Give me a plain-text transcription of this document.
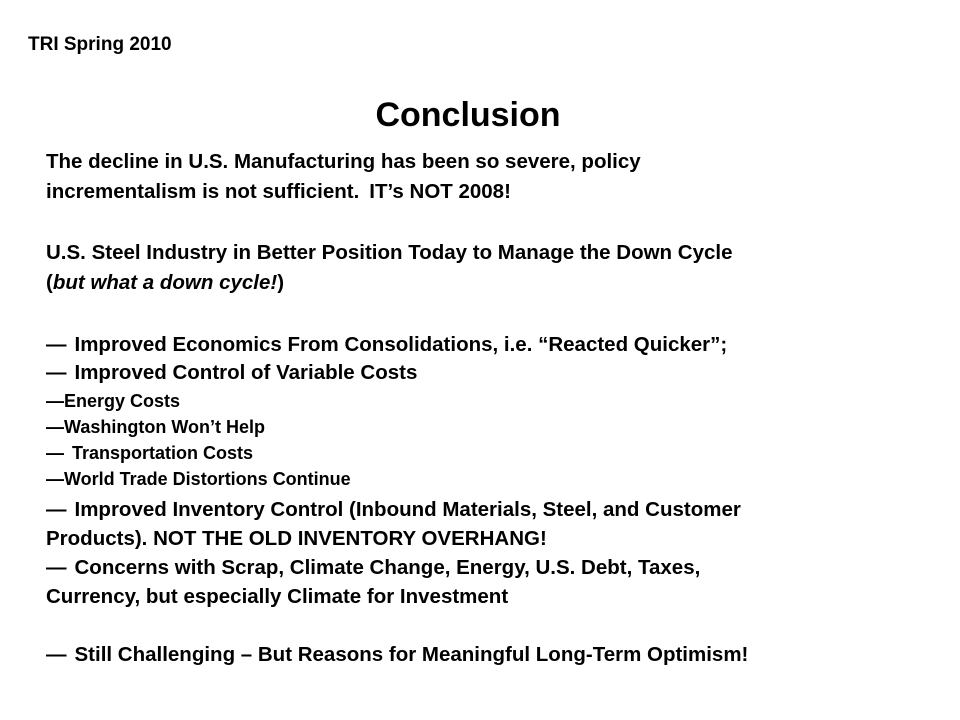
TRI Spring 2010
Conclusion
The decline in U.S. Manufacturing has been so severe, policy
incrementalism is not sufficient. IT’s NOT 2008!
U.S. Steel Industry in Better Position Today to Manage the Down Cycle
(but what a down cycle!)
— Improved Economics From Consolidations, i.e. “Reacted Quicker”;
— Improved Control of Variable Costs
—Energy Costs
—Washington Won’t Help
— Transportation Costs
—World Trade Distortions Continue
— Improved Inventory Control (Inbound Materials, Steel, and Customer
Products). NOT THE OLD INVENTORY OVERHANG!
— Concerns with Scrap, Climate Change, Energy, U.S. Debt, Taxes,
Currency, but especially Climate for Investment
— Still Challenging – But Reasons for Meaningful Long-Term Optimism!
